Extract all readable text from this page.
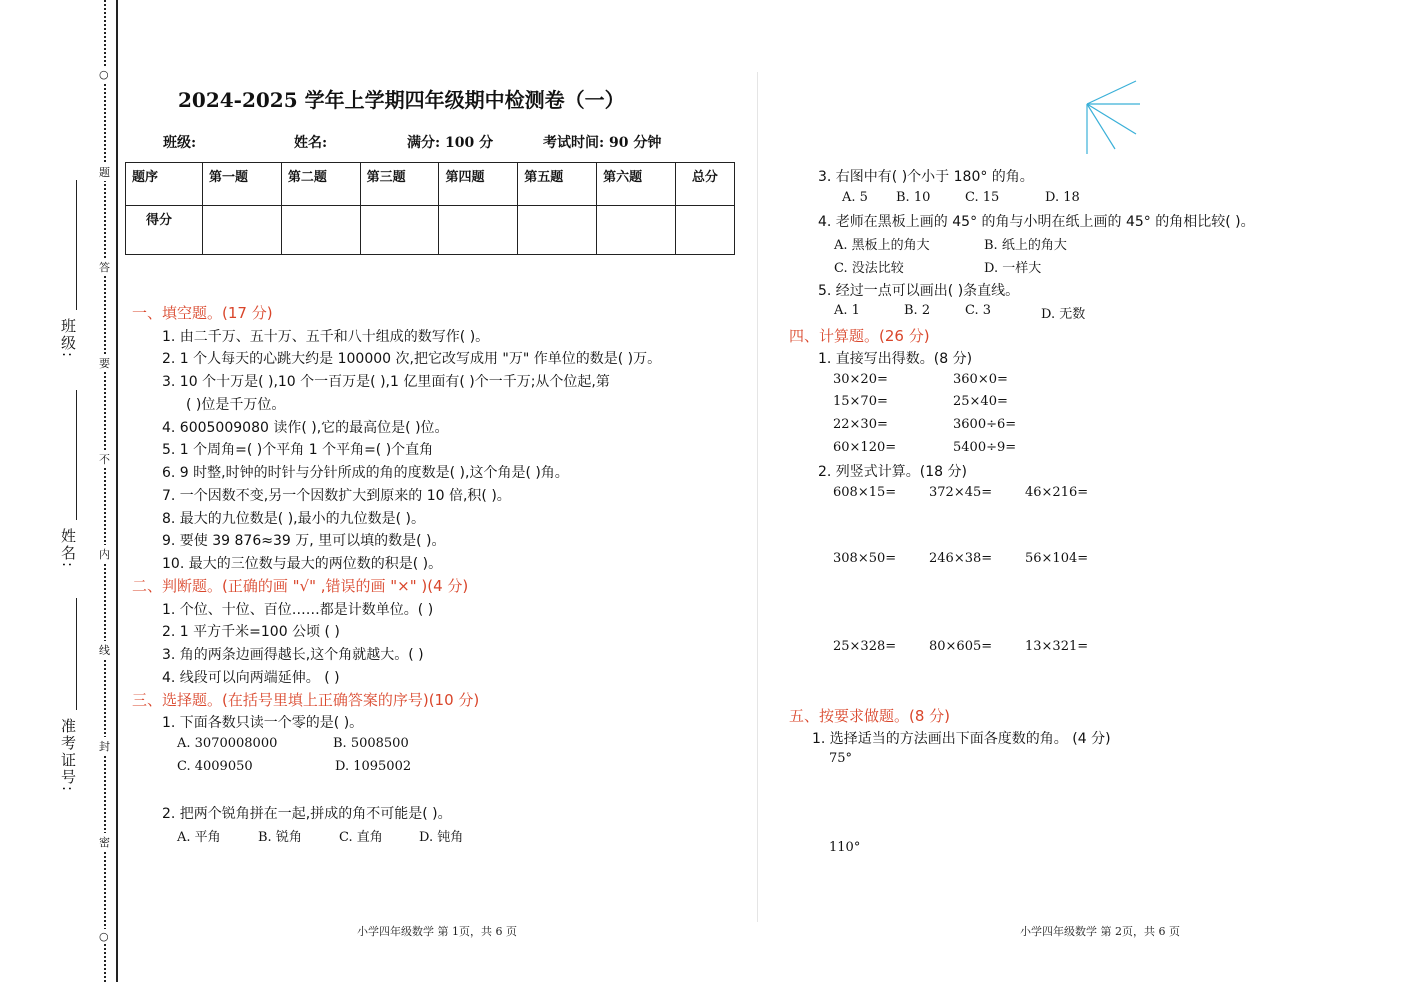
班级:
姓名:
准考证号:
○
题
答
要
不
内
线
封
密
○
2024-2025 学年上学期四年级期中检测卷（一）
班级:	姓名:	满分: 100 分	考试时间: 90 分钟
题序	第一题	第二题	第三题	第四题	第五题	第六题	总分
得分							
一、填空题。(17 分)
1. 由二千万、五十万、五千和八十组成的数写作( )。
2. 1 个人每天的心跳大约是 100000 次,把它改写成用 "万" 作单位的数是( )万。
3. 10 个十万是( ),10 个一百万是( ),1 亿里面有( )个一千万;从个位起,第
( )位是千万位。
4. 6005009080 读作( ),它的最高位是( )位。
5. 1 个周角=( )个平角 1 个平角=( )个直角
6. 9 时整,时钟的时针与分针所成的角的度数是( ),这个角是( )角。
7. 一个因数不变,另一个因数扩大到原来的 10 倍,积( )。
8. 最大的九位数是( ),最小的九位数是( )。
9. 要使 39 876≈39 万, 里可以填的数是( )。
10. 最大的三位数与最大的两位数的积是( )。
二、判断题。(正确的画 "√" ,错误的画 "×" )(4 分)
1. 个位、十位、百位……都是计数单位。( )
2. 1 平方千米=100 公顷 ( )
3. 角的两条边画得越长,这个角就越大。( )
4. 线段可以向两端延伸。 ( )
三、选择题。(在括号里填上正确答案的序号)(10 分)
1. 下面各数只读一个零的是( )。
A. 3070008000	B. 5008500
C. 4009050	D. 1095002
2. 把两个锐角拼在一起,拼成的角不可能是( )。
A. 平角	B. 锐角	C. 直角	D. 钝角
小学四年级数学 第 1页，共 6 页
3. 右图中有( )个小于 180° 的角。
A. 5 B. 10	C. 15	D. 18
4. 老师在黑板上画的 45° 的角与小明在纸上画的 45° 的角相比较( )。
A. 黑板上的角大	B. 纸上的角大
C. 没法比较	D. 一样大
5. 经过一点可以画出( )条直线。
A. 1	B. 2	C. 3	D. 无数
四、计算题。(26 分)
1. 直接写出得数。(8 分)
30×20=	360×0=
15×70=	25×40=
22×30=	3600÷6=
60×120=	5400÷9=
2. 列竖式计算。(18 分)
608×15=	372×45=	46×216=
308×50=	246×38=	56×104=
25×328=	80×605=	13×321=
五、按要求做题。(8 分)
1. 选择适当的方法画出下面各度数的角。 (4 分)
75°
110°
小学四年级数学 第 2页，共 6 页
